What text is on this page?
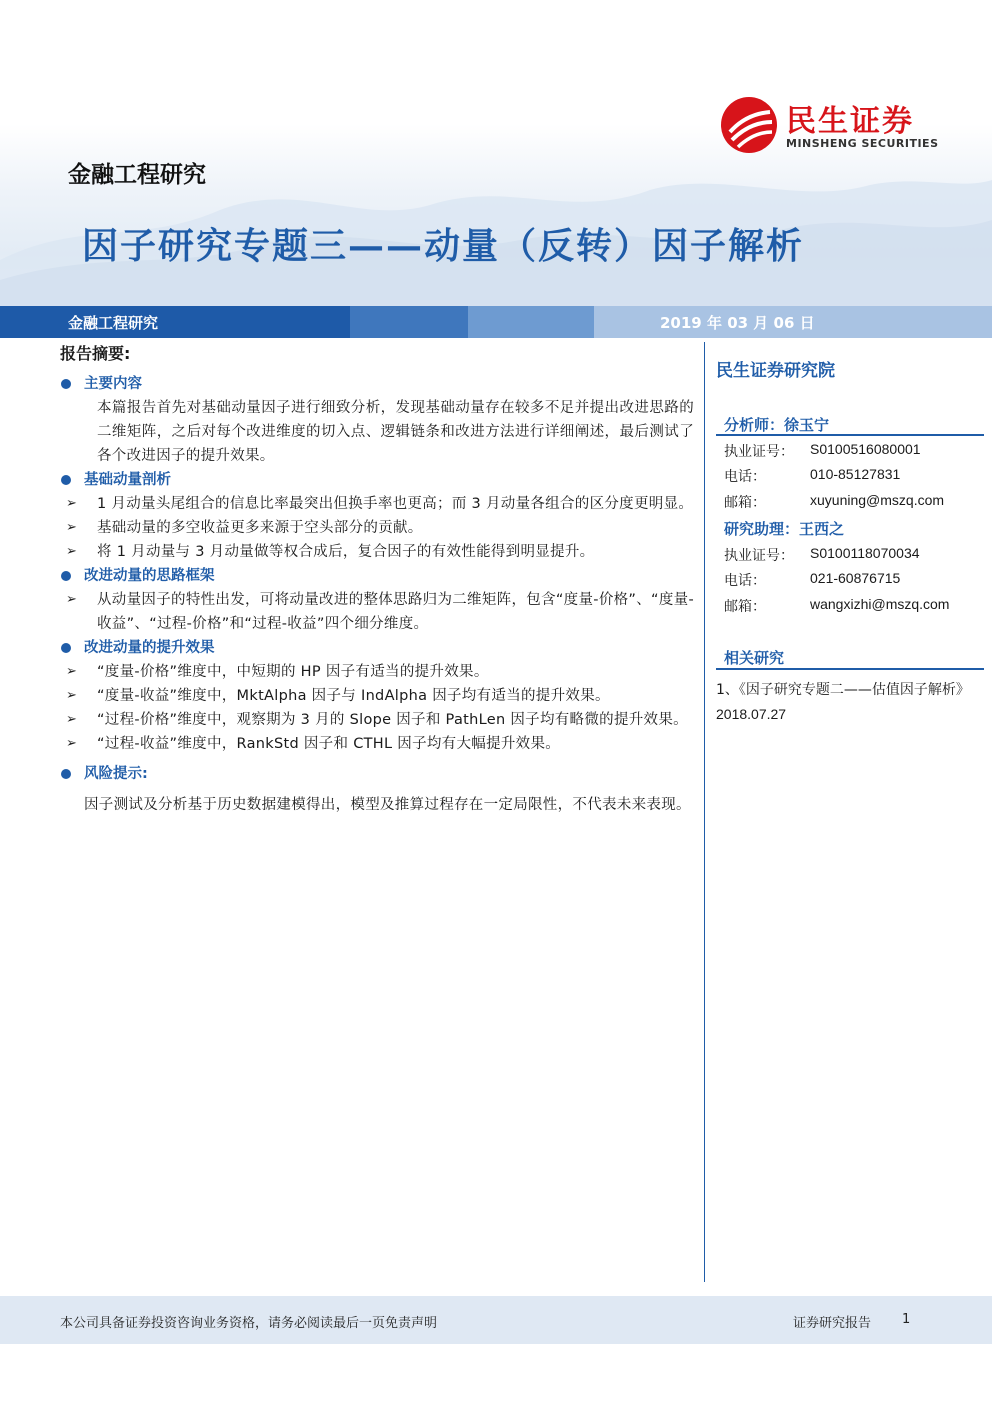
民生证券
MINSHENG SECURITIES
金融工程研究
因子研究专题三——动量（反转）因子解析
金融工程研究	2019 年 03 月 06 日
报告摘要:
主要内容
本篇报告首先对基础动量因子进行细致分析，发现基础动量存在较多不足并提出改进思路的二维矩阵，之后对每个改进维度的切入点、逻辑链条和改进方法进行详细阐述，最后测试了各个改进因子的提升效果。
基础动量剖析
➢ 1 月动量头尾组合的信息比率最突出但换手率也更高；而 3 月动量各组合的区分度更明显。
➢ 基础动量的多空收益更多来源于空头部分的贡献。
➢ 将 1 月动量与 3 月动量做等权合成后，复合因子的有效性能得到明显提升。
改进动量的思路框架
➢ 从动量因子的特性出发，可将动量改进的整体思路归为二维矩阵，包含“度量-价格”、“度量-收益”、“过程-价格”和“过程-收益”四个细分维度。
改进动量的提升效果
➢ “度量-价格”维度中，中短期的 HP 因子有适当的提升效果。
➢ “度量-收益”维度中，MktAlpha 因子与 IndAlpha 因子均有适当的提升效果。
➢ “过程-价格”维度中，观察期为 3 月的 Slope 因子和 PathLen 因子均有略微的提升效果。
➢ “过程-收益”维度中，RankStd 因子和 CTHL 因子均有大幅提升效果。
风险提示:
因子测试及分析基于历史数据建模得出，模型及推算过程存在一定局限性，不代表未来表现。
民生证券研究院
分析师：徐玉宁
执业证号：	S0100516080001
电话：	010-85127831
邮箱：	xuyuning@mszq.com
研究助理：王西之
执业证号：	S0100118070034
电话：	021-60876715
邮箱：	wangxizhi@mszq.com
相关研究
1、《因子研究专题二——估值因子解析》
2018.07.27
本公司具备证券投资咨询业务资格，请务必阅读最后一页免责声明	证券研究报告 1
